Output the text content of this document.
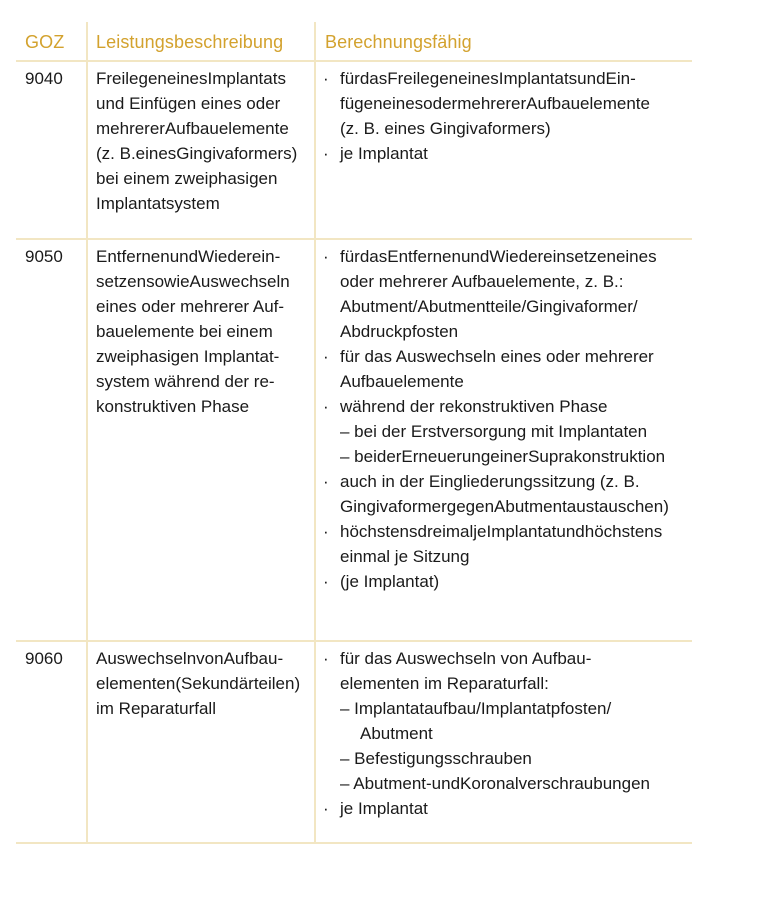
GOZ Leistungsbeschreibung Berechnungsfähig
9040 FreilegeneinesImplantats
und Einfügen eines oder
mehrererAufbauelemente
(z. B.einesGingivaformers)
bei einem zweiphasigen
Implantatsystem
· fürdasFreilegeneinesImplantatsundEin-
fügeneinesodermehrererAufbauelemente
(z. B. eines Gingivaformers)
· je Implantat
9050 EntfernenundWiederein-
setzensowieAuswechseln
eines oder mehrerer Auf-
bauelemente bei einem
zweiphasigen Implantat-
system während der re-
konstruktiven Phase
· fürdasEntfernenundWiedereinsetzeneines
oder mehrerer Aufbauelemente, z. B.:
Abutment/Abutmentteile/Gingivaformer/
Abdruckpfosten
· für das Auswechseln eines oder mehrerer
Aufbauelemente
· während der rekonstruktiven Phase
– bei der Erstversorgung mit Implantaten
– beiderErneuerungeinerSuprakonstruktion
· auch in der Eingliederungssitzung (z. B.
GingivaformergegenAbutmentaustauschen)
· höchstensdreimaljeImplantatundhöchstens
einmal je Sitzung
· (je Implantat)
9060 AuswechselnvonAufbau-
elementen(Sekundärteilen)
im Reparaturfall
· für das Auswechseln von Aufbau-
elementen im Reparaturfall:
– Implantataufbau/Implantatpfosten/
Abutment
– Befestigungsschrauben
– Abutment-undKoronalverschraubungen
· je Implantat
